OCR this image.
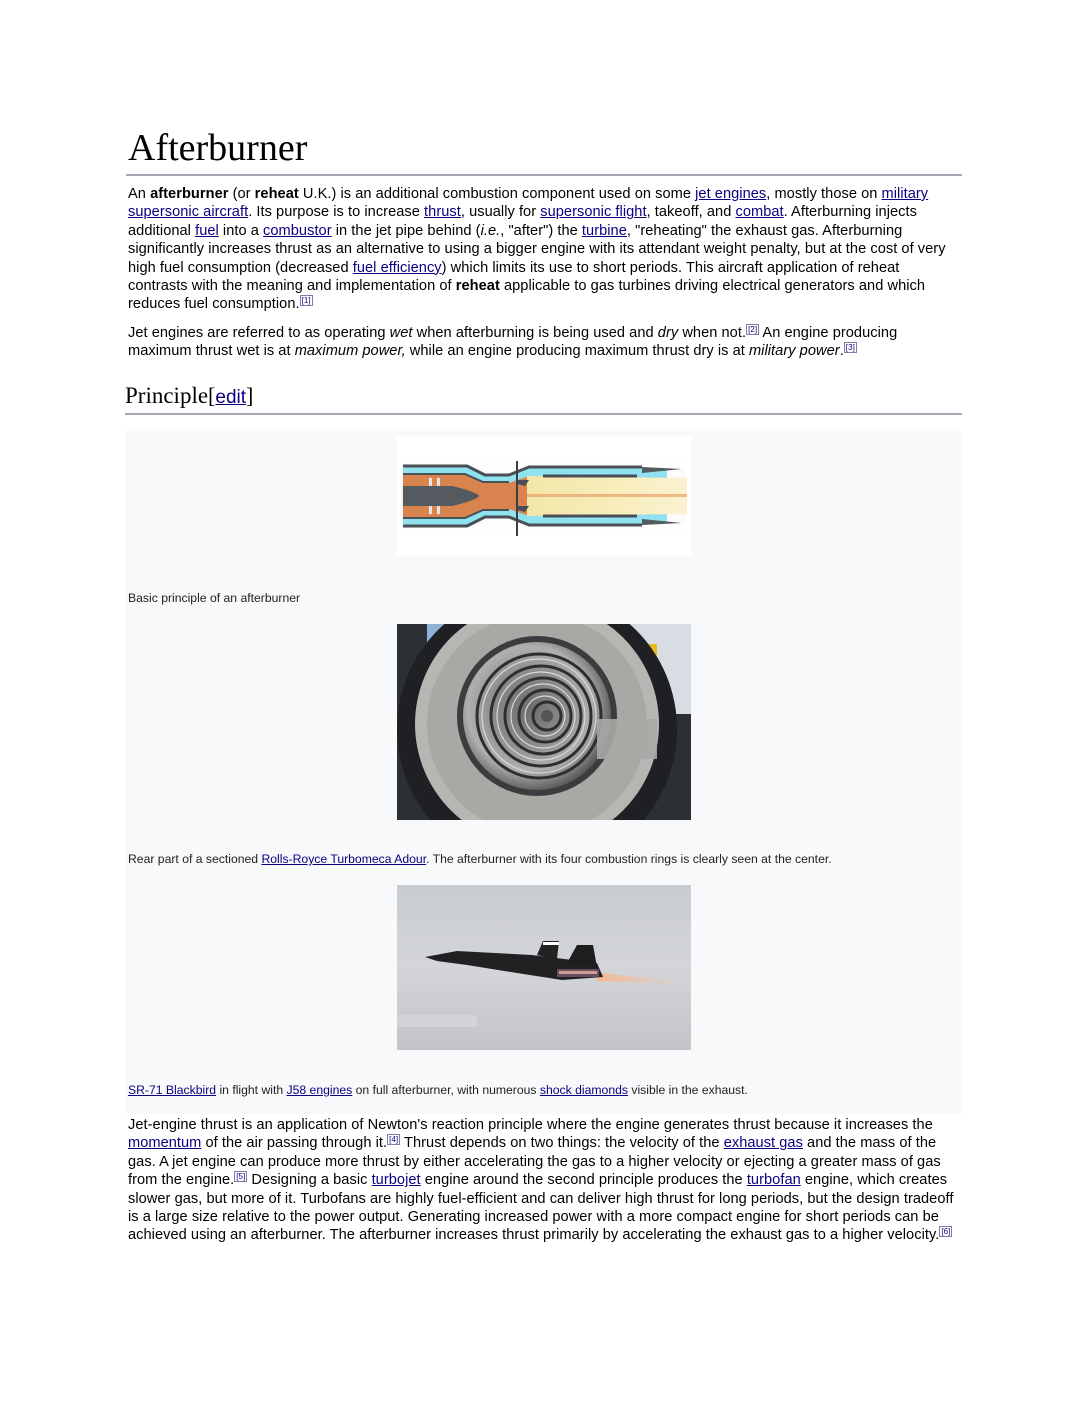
Afterburner

An afterburner (or reheat U.K.) is an additional combustion component used on some jet engines, mostly those on military supersonic aircraft. Its purpose is to increase thrust, usually for supersonic flight, takeoff, and combat. Afterburning injects additional fuel into a combustor in the jet pipe behind (i.e., "after") the turbine, "reheating" the exhaust gas. Afterburning significantly increases thrust as an alternative to using a bigger engine with its attendant weight penalty, but at the cost of very high fuel consumption (decreased fuel efficiency) which limits its use to short periods. This aircraft application of reheat contrasts with the meaning and implementation of reheat applicable to gas turbines driving electrical generators and which reduces fuel consumption. [1]

Jet engines are referred to as operating wet when afterburning is being used and dry when not. [2] An engine producing maximum thrust wet is at maximum power, while an engine producing maximum thrust dry is at military power. [3]

Principle[edit]
Basic principle of an afterburner
Rear part of a sectioned Rolls-Royce Turbomeca Adour. The afterburner with its four combustion rings is clearly seen at the center.
SR-71 Blackbird in flight with J58 engines on full afterburner, with numerous shock diamonds visible in the exhaust.

Jet-engine thrust is an application of Newton's reaction principle where the engine generates thrust because it increases the momentum of the air passing through it. [4] Thrust depends on two things: the velocity of the exhaust gas and the mass of the gas. A jet engine can produce more thrust by either accelerating the gas to a higher velocity or ejecting a greater mass of gas from the engine. [5] Designing a basic turbojet engine around the second principle produces the turbofan engine, which creates slower gas, but more of it. Turbofans are highly fuel-efficient and can deliver high thrust for long periods, but the design tradeoff is a large size relative to the power output. Generating increased power with a more compact engine for short periods can be achieved using an afterburner. The afterburner increases thrust primarily by accelerating the exhaust gas to a higher velocity. [6]
